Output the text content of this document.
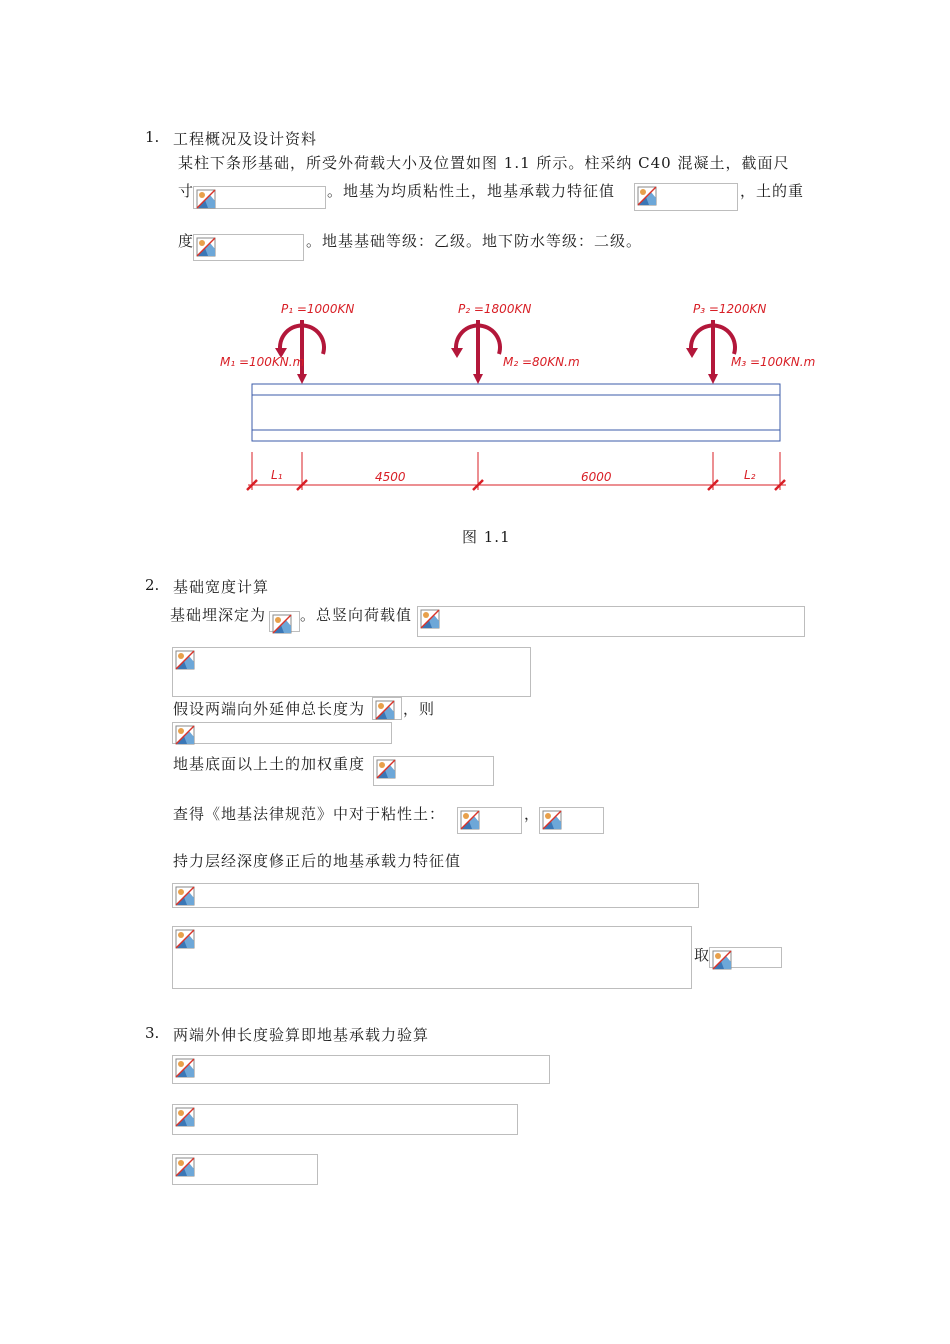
1. 工程概况及设计资料
某柱下条形基础，所受外荷载大小及位置如图 1.1 所示。柱采纳 C40 混凝土，截面尺
寸	。地基为均质粘性土，地基承载力特征值	，土的重
度	。地基基础等级：乙级。地下防水等级：二级。
P₁ =1000KN
M₁ =100KN.m
P₂ =1800KN
M₂ =80KN.m
P₃ =1200KN
M₃ =100KN.m
L₁	4500	6000	L₂
图 1.1
2. 基础宽度计算
基础埋深定为 。总竖向荷载值
假设两端向外延伸总长度为	，则
地基底面以上土的加权重度
查得《地基法律规范》中对于粘性土：	，
持力层经深度修正后的地基承载力特征值
取
3. 两端外伸长度验算即地基承载力验算
